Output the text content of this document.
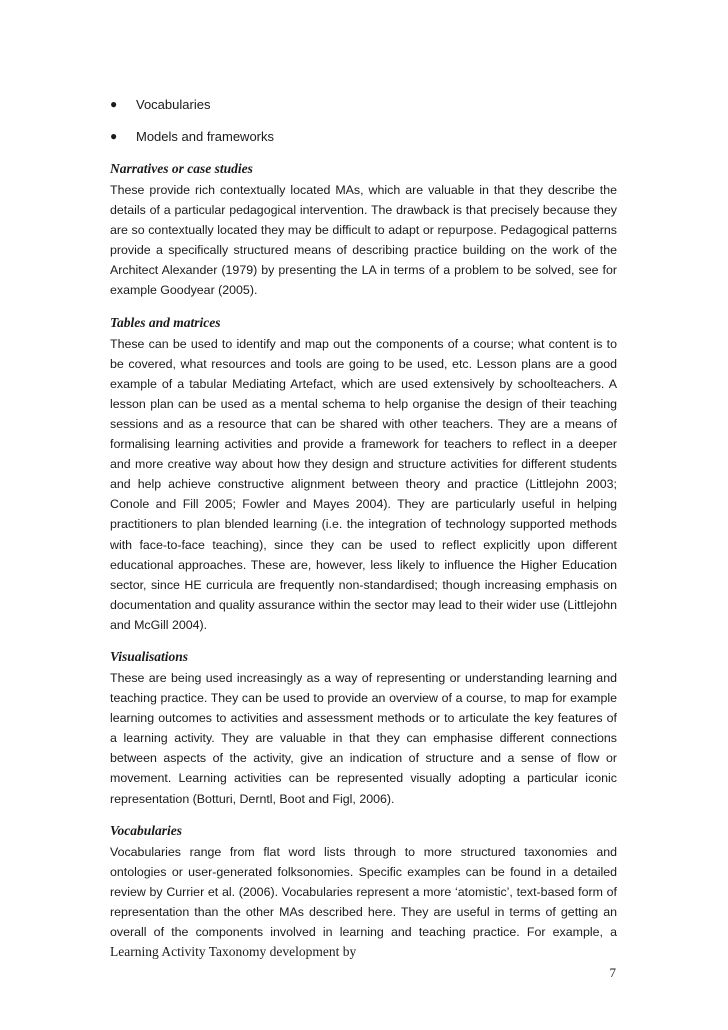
●	Vocabularies
●	Models and frameworks
Narratives or case studies

These provide rich contextually located MAs, which are valuable in that they describe the details of a particular pedagogical intervention. The drawback is that precisely because they are so contextually located they may be difficult to adapt or repurpose. Pedagogical patterns provide a specifically structured means of describing practice building on the work of the Architect Alexander (1979) by presenting the LA in terms of a problem to be solved, see for example Goodyear (2005).

Tables and matrices

These can be used to identify and map out the components of a course; what content is to be covered, what resources and tools are going to be used, etc. Lesson plans are a good example of a tabular Mediating Artefact, which are used extensively by schoolteachers. A lesson plan can be used as a mental schema to help organise the design of their teaching sessions and as a resource that can be shared with other teachers. They are a means of formalising learning activities and provide a framework for teachers to reflect in a deeper and more creative way about how they design and structure activities for different students and help achieve constructive alignment between theory and practice (Littlejohn 2003; Conole and Fill 2005; Fowler and Mayes 2004). They are particularly useful in helping practitioners to plan blended learning (i.e. the integration of technology supported methods with face-to-face teaching), since they can be used to reflect explicitly upon different educational approaches. These are, however, less likely to influence the Higher Education sector, since HE curricula are frequently non-standardised; though increasing emphasis on documentation and quality assurance within the sector may lead to their wider use (Littlejohn and McGill 2004).

Visualisations

These are being used increasingly as a way of representing or understanding learning and teaching practice. They can be used to provide an overview of a course, to map for example learning outcomes to activities and assessment methods or to articulate the key features of a learning activity. They are valuable in that they can emphasise different connections between aspects of the activity, give an indication of structure and a sense of flow or movement. Learning activities can be represented visually adopting a particular iconic representation (Botturi, Derntl, Boot and Figl, 2006).

Vocabularies

Vocabularies range from flat word lists through to more structured taxonomies and ontologies or user-generated folksonomies. Specific examples can be found in a detailed review by Currier et al. (2006). Vocabularies represent a more ‘atomistic’, text-based form of representation than the other MAs described here. They are useful in terms of getting an overall of the components involved in learning and teaching practice. For example, a Learning Activity Taxonomy development by

7
